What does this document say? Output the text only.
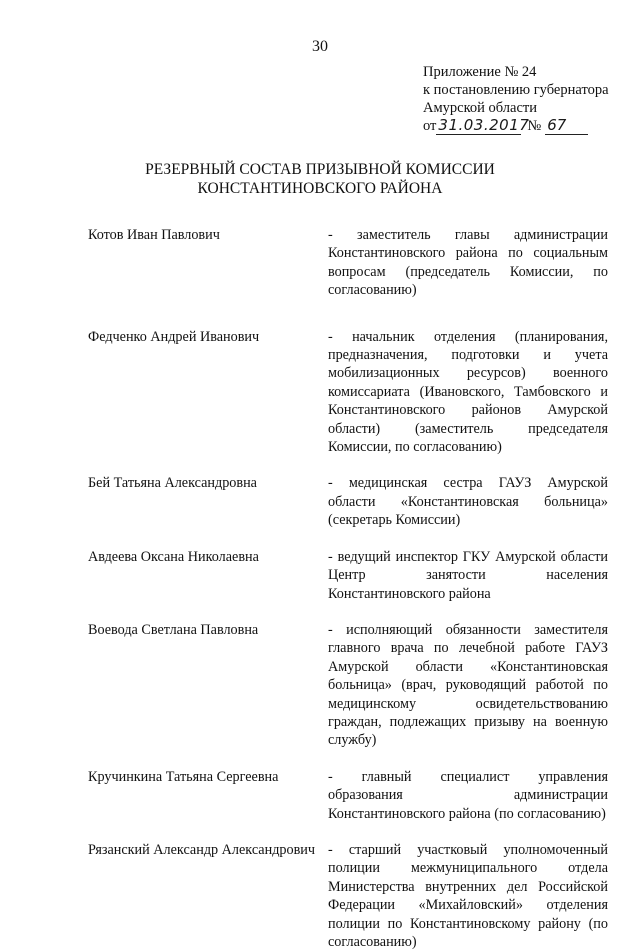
30
Приложение № 24
к постановлению губернатора
Амурской области
от 31.03.2017
№ 67
РЕЗЕРВНЫЙ СОСТАВ ПРИЗЫВНОЙ КОМИССИИ
КОНСТАНТИНОВСКОГО РАЙОНА
Котов Иван Павлович	- заместитель главы администрации Константиновского района по социальным вопросам (председатель Комиссии, по согласованию)
Федченко Андрей Иванович	- начальник отделения (планирования, предназначения, подготовки и учета мобилизационных ресурсов) военного комиссариата (Ивановского, Тамбовского и Константиновского районов Амурской области) (заместитель председателя Комиссии, по согласованию)
Бей Татьяна Александровна	- медицинская сестра ГАУЗ Амурской области «Константиновская больница» (секретарь Комиссии)
Авдеева Оксана Николаевна	- ведущий инспектор ГКУ Амурской области Центр занятости населения Константиновского района
Воевода Светлана Павловна	- исполняющий обязанности заместителя главного врача по лечебной работе ГАУЗ Амурской области «Константиновская больница» (врач, руководящий работой по медицинскому освидетельствованию граждан, подлежащих призыву на военную службу)
Кручинкина Татьяна Сергеевна	- главный специалист управления образования администрации Константиновского района (по согласованию)
Рязанский Александр Александрович - старший участковый уполномоченный полиции межмуниципального отдела Министерства внутренних дел Российской Федерации «Михайловский» отделения полиции по Константиновскому району (по согласованию)
